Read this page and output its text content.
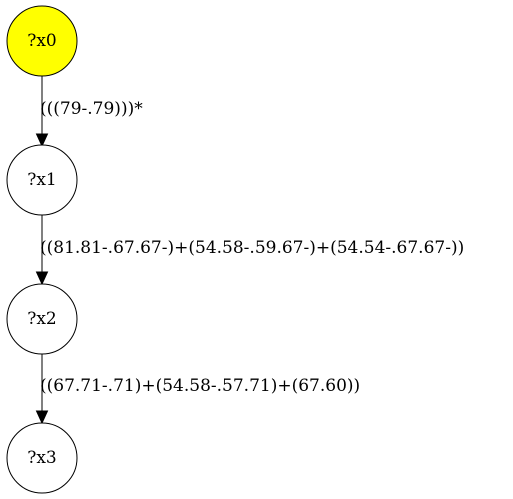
(((79-.79)))*
((81.81-.67.67-)+(54.58-.59.67-)+(54.54-.67.67-))
((67.71-.71)+(54.58-.57.71)+(67.60))
?x0
?x1
?x2
?x3
